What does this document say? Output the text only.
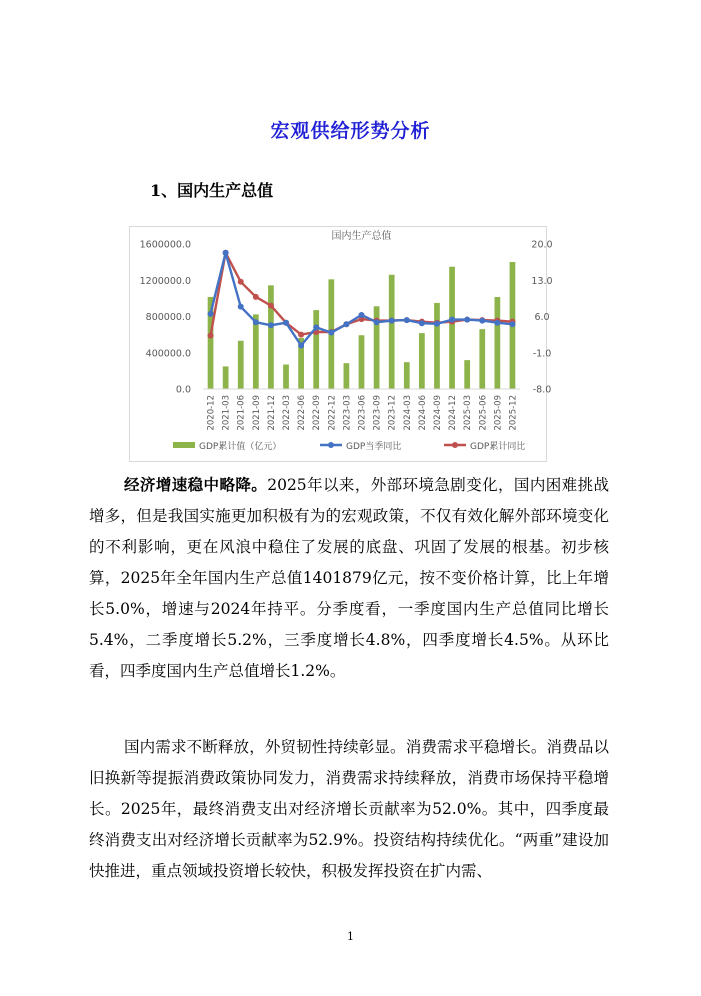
宏观供给形势分析
1、国内生产总值
国内生产总值
0.0
400000.0
800000.0
1200000.0
1600000.0
-8.0
-1.0
6.0
13.0
20.0
2020-12 2021-03 2021-06 2021-09 2021-12 2022-03 2022-06 2022-09 2022-12 2023-03 2023-06 2023-09 2023-12 2024-03 2024-06 2024-09 2024-12 2025-03 2025-06 2025-09 2025-12
GDP累计值（亿元）	GDP当季同比	GDP累计同比
经济增速稳中略降。2025年以来，外部环境急剧变化，国内困难挑战增多，但是我国实施更加积极有为的宏观政策，不仅有效化解外部环境变化的不利影响，更在风浪中稳住了发展的底盘、巩固了发展的根基。初步核算，2025年全年国内生产总值1401879亿元，按不变价格计算，比上年增长5.0%，增速与2024年持平。分季度看，一季度国内生产总值同比增长5.4%，二季度增长5.2%，三季度增长4.8%，四季度增长4.5%。从环比看，四季度国内生产总值增长1.2%。
国内需求不断释放，外贸韧性持续彰显。消费需求平稳增长。消费品以旧换新等提振消费政策协同发力，消费需求持续释放，消费市场保持平稳增长。2025年，最终消费支出对经济增长贡献率为52.0%。其中，四季度最终消费支出对经济增长贡献率为52.9%。投资结构持续优化。“两重”建设加快推进，重点领域投资增长较快，积极发挥投资在扩内需、
1
